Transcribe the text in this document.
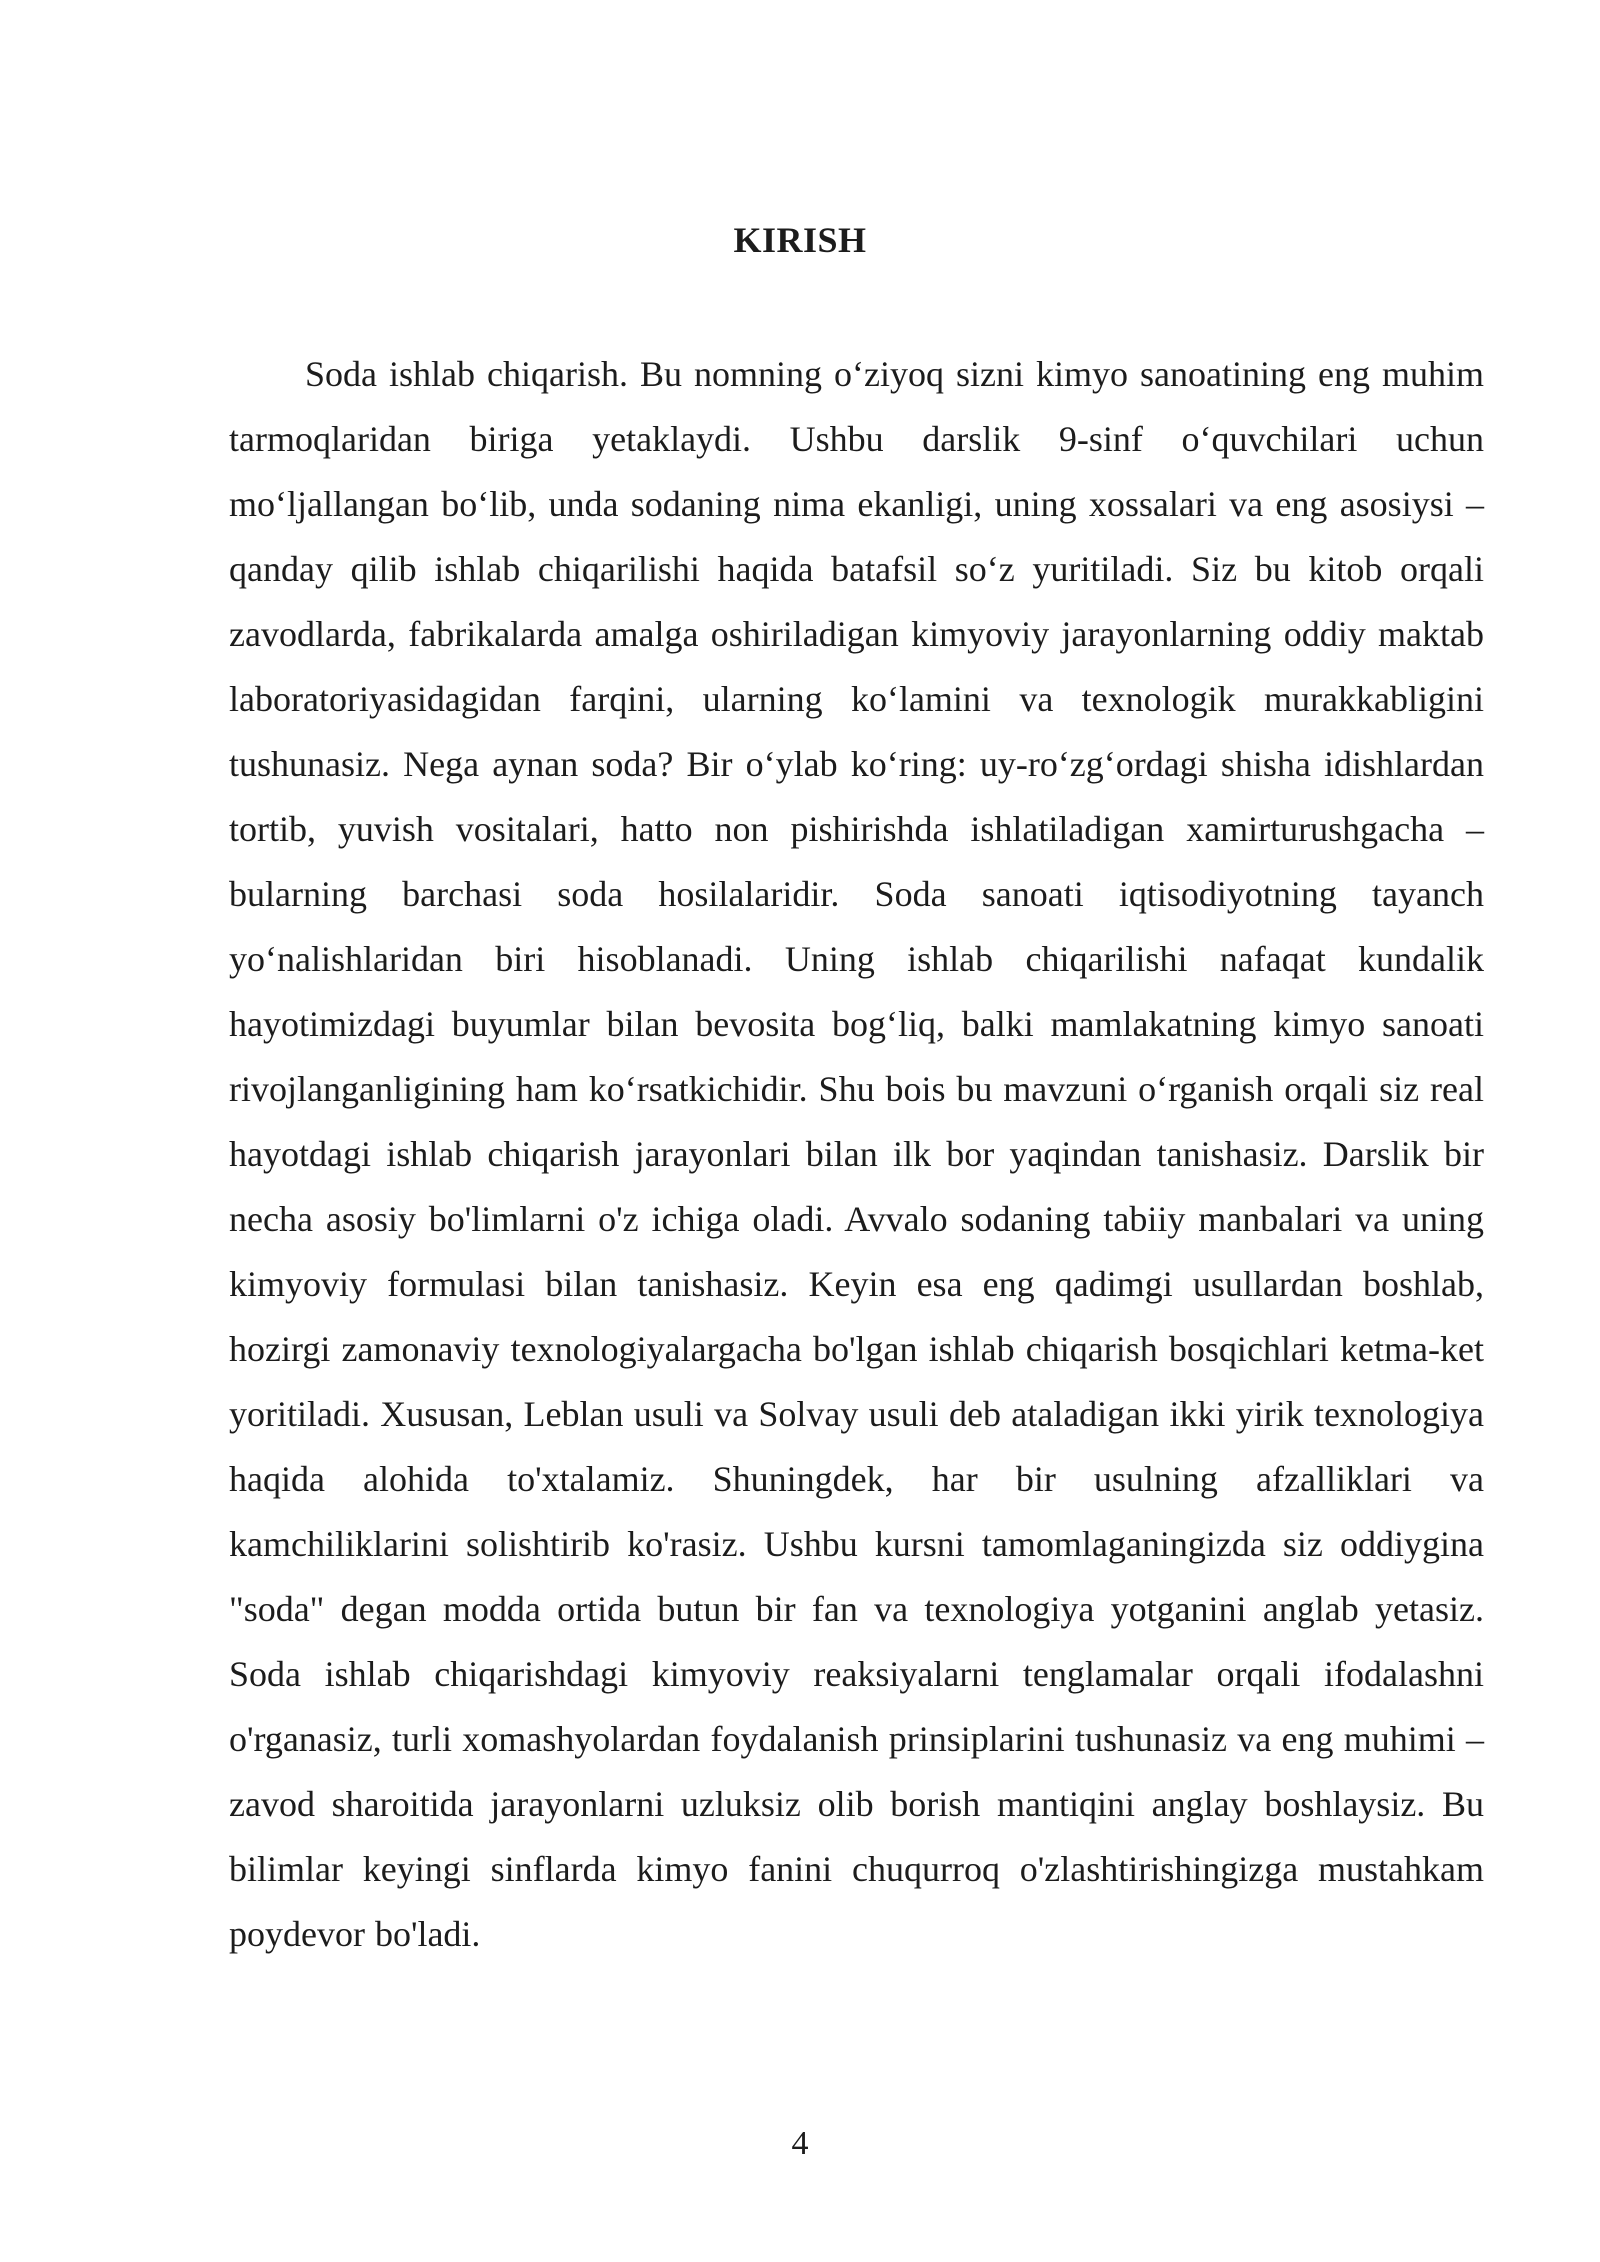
KIRISH

Soda ishlab chiqarish. Bu nomning o‘ziyoq sizni kimyo sanoatining eng muhim tarmoqlaridan biriga yetaklaydi. Ushbu darslik 9-sinf o‘quvchilari uchun mo‘ljallangan bo‘lib, unda sodaning nima ekanligi, uning xossalari va eng asosiysi – qanday qilib ishlab chiqarilishi haqida batafsil so‘z yuritiladi. Siz bu kitob orqali zavodlarda, fabrikalarda amalga oshiriladigan kimyoviy jarayonlarning oddiy maktab laboratoriyasidagidan farqini, ularning ko‘lamini va texnologik murakkabligini tushunasiz. Nega aynan soda? Bir o‘ylab ko‘ring: uy-ro‘zg‘ordagi shisha idishlardan tortib, yuvish vositalari, hatto non pishirishda ishlatiladigan xamirturushgacha – bularning barchasi soda hosilalaridir. Soda sanoati iqtisodiyotning tayanch yo‘nalishlaridan biri hisoblanadi. Uning ishlab chiqarilishi nafaqat kundalik hayotimizdagi buyumlar bilan bevosita bog‘liq, balki mamlakatning kimyo sanoati rivojlanganligining ham ko‘rsatkichidir. Shu bois bu mavzuni o‘rganish orqali siz real hayotdagi ishlab chiqarish jarayonlari bilan ilk bor yaqindan tanishasiz. Darslik bir necha asosiy bo'limlarni o'z ichiga oladi. Avvalo sodaning tabiiy manbalari va uning kimyoviy formulasi bilan tanishasiz. Keyin esa eng qadimgi usullardan boshlab, hozirgi zamonaviy texnologiyalargacha bo'lgan ishlab chiqarish bosqichlari ketma-ket yoritiladi. Xususan, Leblan usuli va Solvay usuli deb ataladigan ikki yirik texnologiya haqida alohida to'xtalamiz. Shuningdek, har bir usulning afzalliklari va kamchiliklarini solishtirib ko'rasiz. Ushbu kursni tamomlaganingizda siz oddiygina "soda" degan modda ortida butun bir fan va texnologiya yotganini anglab yetasiz. Soda ishlab chiqarishdagi kimyoviy reaksiyalarni tenglamalar orqali ifodalashni o'rganasiz, turli xomashyolardan foydalanish prinsiplarini tushunasiz va eng muhimi – zavod sharoitida jarayonlarni uzluksiz olib borish mantiqini anglay boshlaysiz. Bu bilimlar keyingi sinflarda kimyo fanini chuqurroq o'zlashtirishingizga mustahkam poydevor bo'ladi.

4
